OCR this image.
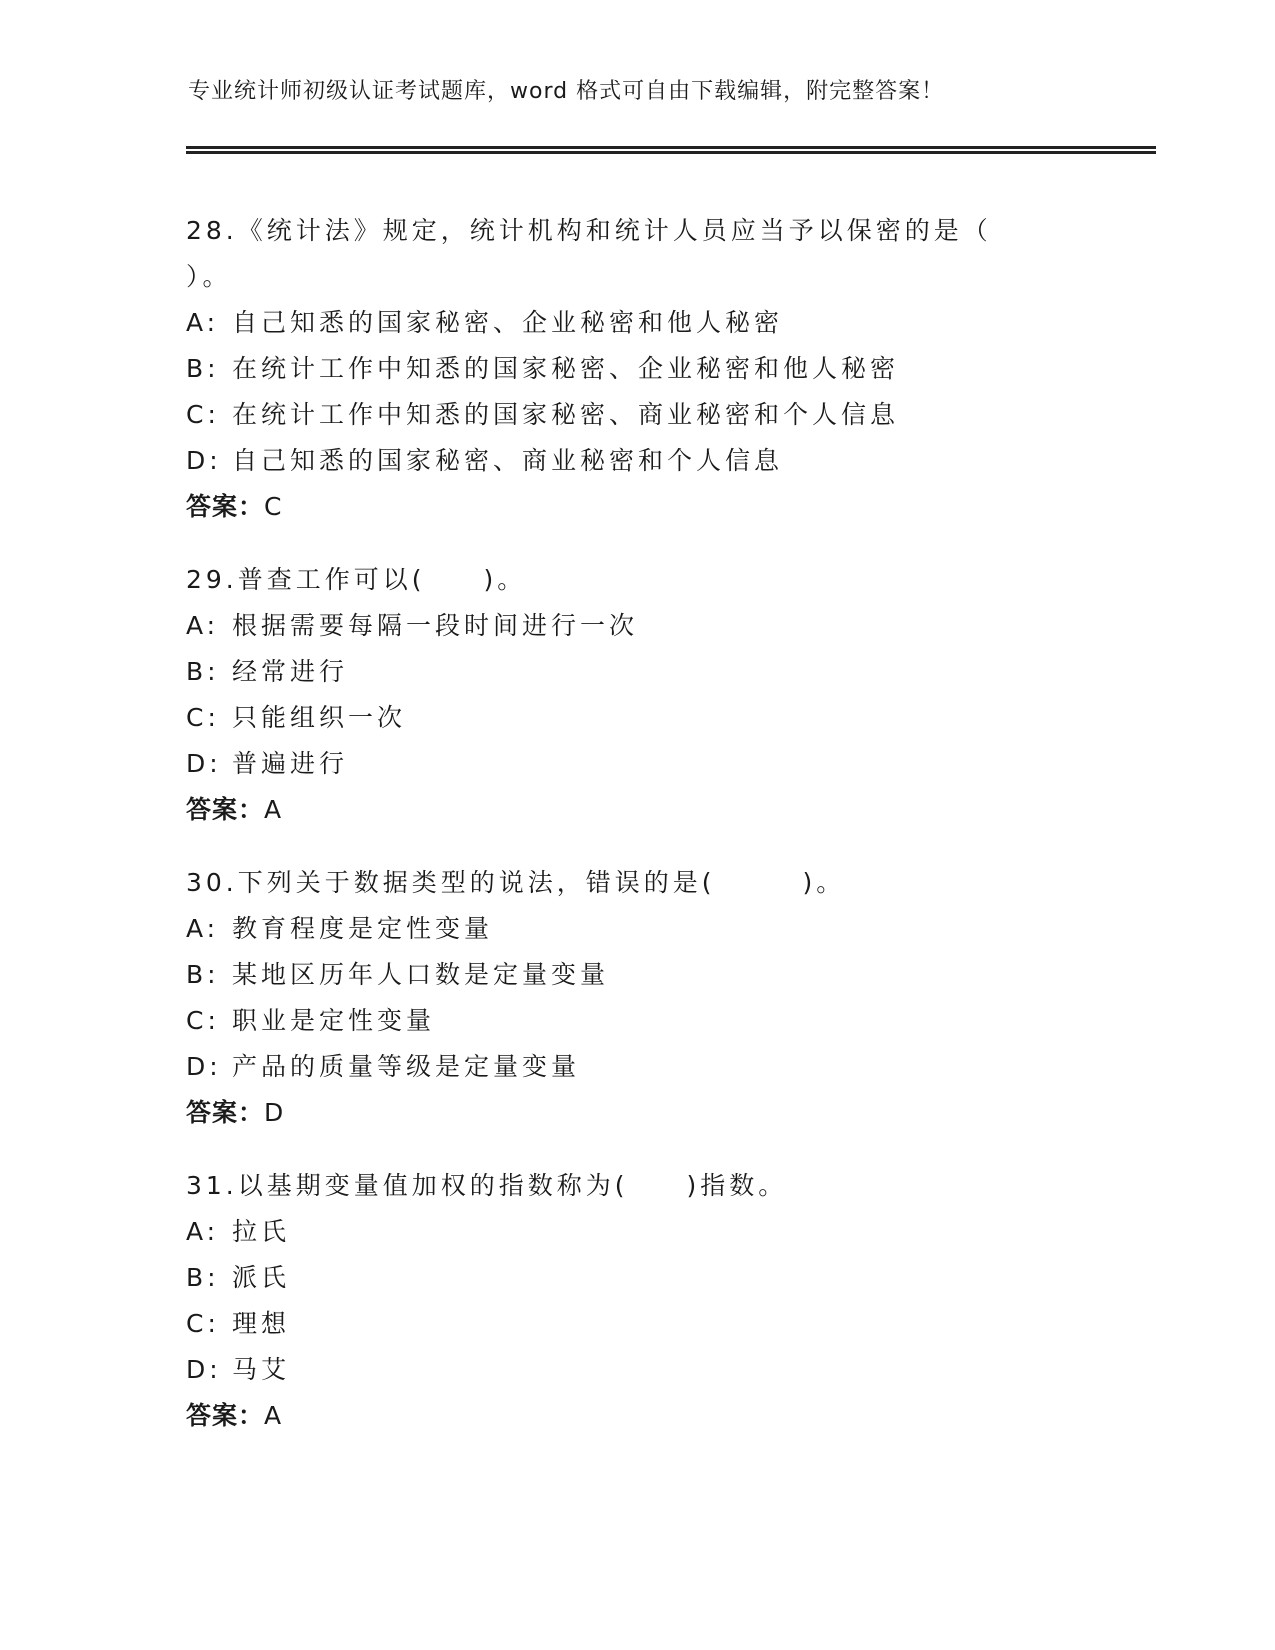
专业统计师初级认证考试题库，word 格式可自由下载编辑，附完整答案！
28.《统计法》规定，统计机构和统计人员应当予以保密的是（　　）。
A: 自己知悉的国家秘密、企业秘密和他人秘密
B: 在统计工作中知悉的国家秘密、企业秘密和他人秘密
C: 在统计工作中知悉的国家秘密、商业秘密和个人信息
D: 自己知悉的国家秘密、商业秘密和个人信息
答案：C
29.普查工作可以(　　)。
A: 根据需要每隔一段时间进行一次
B: 经常进行
C: 只能组织一次
D: 普遍进行
答案：A
30.下列关于数据类型的说法，错误的是(　　　)。
A: 教育程度是定性变量
B: 某地区历年人口数是定量变量
C: 职业是定性变量
D: 产品的质量等级是定量变量
答案：D
31.以基期变量值加权的指数称为(　　)指数。
A: 拉氏
B: 派氏
C: 理想
D: 马艾
答案：A
